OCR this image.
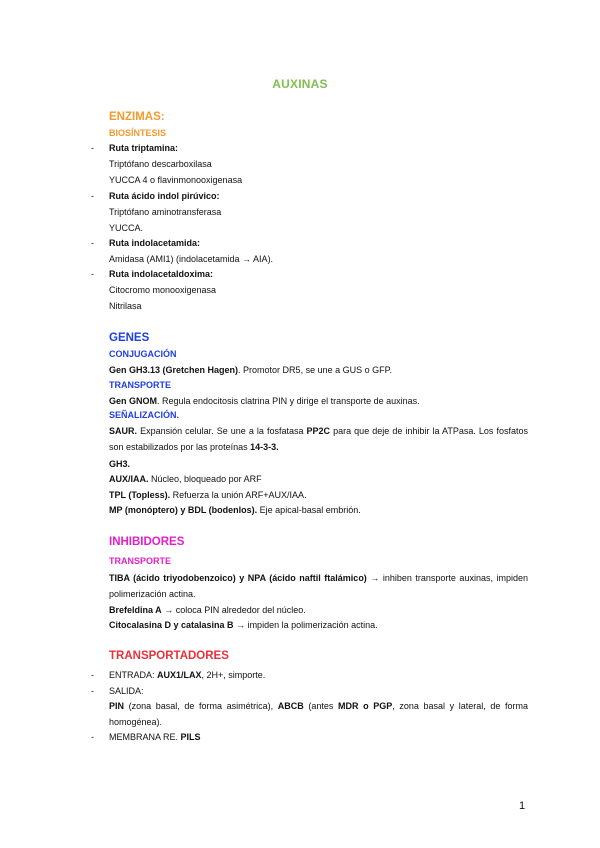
AUXINAS
ENZIMAS:
BIOSÍNTESIS
- Ruta triptamina:
Triptófano descarboxilasa
YUCCA 4 o flavinmonooxigenasa
- Ruta ácido indol pirúvico:
Triptófano aminotransferasa
YUCCA.
- Ruta indolacetamida:
Amidasa (AMI1) (indolacetamida → AIA).
- Ruta indolacetaldoxima:
Citocromo monooxigenasa
Nitrilasa
GENES
CONJUGACIÓN
Gen GH3.13 (Gretchen Hagen). Promotor DR5, se une a GUS o GFP.
TRANSPORTE
Gen GNOM. Regula endocitosis clatrina PIN y dirige el transporte de auxinas.
SEÑALIZACIÓN.
SAUR. Expansión celular. Se une a la fosfatasa PP2C para que deje de inhibir la ATPasa. Los fosfatos son estabilizados por las proteínas 14-3-3.
GH3.
AUX/IAA. Núcleo, bloqueado por ARF
TPL (Topless). Refuerza la unión ARF+AUX/IAA.
MP (monóptero) y BDL (bodenlos). Eje apical-basal embrión.
INHIBIDORES
TRANSPORTE
TIBA (ácido triyodobenzoico) y NPA (ácido naftil ftalámico) → inhiben transporte auxinas, impiden polimerización actina.
Brefeldina A → coloca PIN alrededor del núcleo.
Citocalasina D y catalasina B → impiden la polimerización actina.
TRANSPORTADORES
- ENTRADA: AUX1/LAX, 2H+, simporte.
- SALIDA:
PIN (zona basal, de forma asimétrica), ABCB (antes MDR o PGP, zona basal y lateral, de forma homogénea).
- MEMBRANA RE. PILS
1
